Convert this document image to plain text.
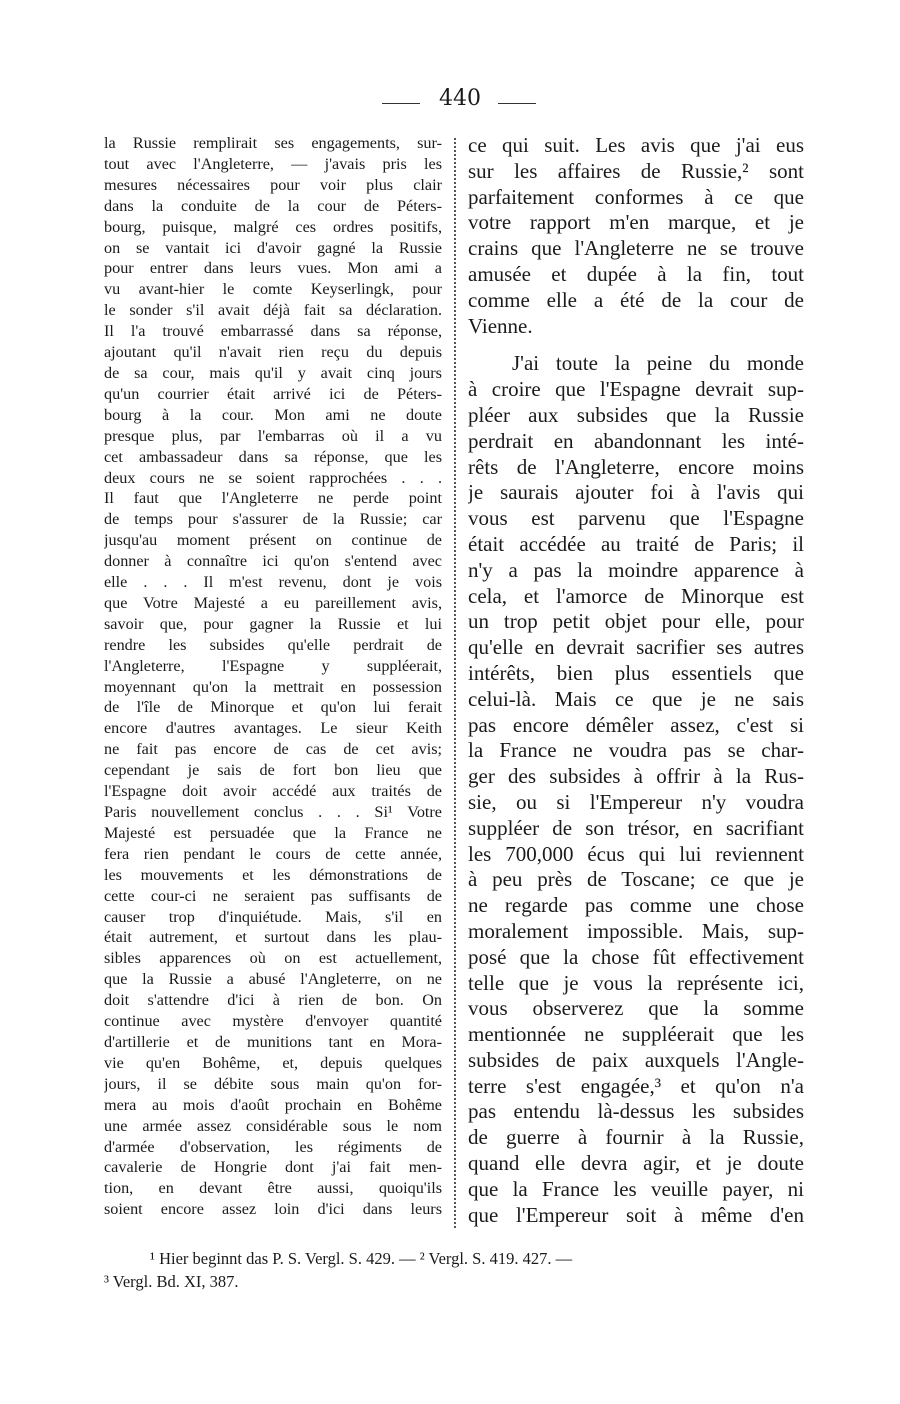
440
la Russie remplirait ses engagements, sur-
tout avec l'Angleterre, — j'avais pris les
mesures nécessaires pour voir plus clair
dans la conduite de la cour de Péters-
bourg, puisque, malgré ces ordres positifs,
on se vantait ici d'avoir gagné la Russie
pour entrer dans leurs vues. Mon ami a
vu avant-hier le comte Keyserlingk, pour
le sonder s'il avait déjà fait sa déclaration.
Il l'a trouvé embarrassé dans sa réponse,
ajoutant qu'il n'avait rien reçu du depuis
de sa cour, mais qu'il y avait cinq jours
qu'un courrier était arrivé ici de Péters-
bourg à la cour. Mon ami ne doute
presque plus, par l'embarras où il a vu
cet ambassadeur dans sa réponse, que les
deux cours ne se soient rapprochées . . .
Il faut que l'Angleterre ne perde point
de temps pour s'assurer de la Russie; car
jusqu'au moment présent on continue de
donner à connaître ici qu'on s'entend avec
elle . . . Il m'est revenu, dont je vois
que Votre Majesté a eu pareillement avis,
savoir que, pour gagner la Russie et lui
rendre les subsides qu'elle perdrait de
l'Angleterre, l'Espagne y suppléerait,
moyennant qu'on la mettrait en possession
de l'île de Minorque et qu'on lui ferait
encore d'autres avantages. Le sieur Keith
ne fait pas encore de cas de cet avis;
cependant je sais de fort bon lieu que
l'Espagne doit avoir accédé aux traités de
Paris nouvellement conclus . . . Si¹ Votre
Majesté est persuadée que la France ne
fera rien pendant le cours de cette année,
les mouvements et les démonstrations de
cette cour-ci ne seraient pas suffisants de
causer trop d'inquiétude. Mais, s'il en
était autrement, et surtout dans les plau-
sibles apparences où on est actuellement,
que la Russie a abusé l'Angleterre, on ne
doit s'attendre d'ici à rien de bon. On
continue avec mystère d'envoyer quantité
d'artillerie et de munitions tant en Mora-
vie qu'en Bohême, et, depuis quelques
jours, il se débite sous main qu'on for-
mera au mois d'août prochain en Bohême
une armée assez considérable sous le nom
d'armée d'observation, les régiments de
cavalerie de Hongrie dont j'ai fait men-
tion, en devant être aussi, quoiqu'ils
soient encore assez loin d'ici dans leurs
ce qui suit. Les avis que j'ai eus
sur les affaires de Russie,² sont
parfaitement conformes à ce que
votre rapport m'en marque, et je
crains que l'Angleterre ne se trouve
amusée et dupée à la fin, tout
comme elle a été de la cour de
Vienne.
J'ai toute la peine du monde
à croire que l'Espagne devrait sup-
pléer aux subsides que la Russie
perdrait en abandonnant les inté-
rêts de l'Angleterre, encore moins
je saurais ajouter foi à l'avis qui
vous est parvenu que l'Espagne
était accédée au traité de Paris; il
n'y a pas la moindre apparence à
cela, et l'amorce de Minorque est
un trop petit objet pour elle, pour
qu'elle en devrait sacrifier ses autres
intérêts, bien plus essentiels que
celui-là. Mais ce que je ne sais
pas encore démêler assez, c'est si
la France ne voudra pas se char-
ger des subsides à offrir à la Rus-
sie, ou si l'Empereur n'y voudra
suppléer de son trésor, en sacrifiant
les 700,000 écus qui lui reviennent
à peu près de Toscane; ce que je
ne regarde pas comme une chose
moralement impossible. Mais, sup-
posé que la chose fût effectivement
telle que je vous la représente ici,
vous observerez que la somme
mentionnée ne suppléerait que les
subsides de paix auxquels l'Angle-
terre s'est engagée,³ et qu'on n'a
pas entendu là-dessus les subsides
de guerre à fournir à la Russie,
quand elle devra agir, et je doute
que la France les veuille payer, ni
que l'Empereur soit à même d'en
¹ Hier beginnt das P. S. Vergl. S. 429. — ² Vergl. S. 419. 427. —
³ Vergl. Bd. XI, 387.
